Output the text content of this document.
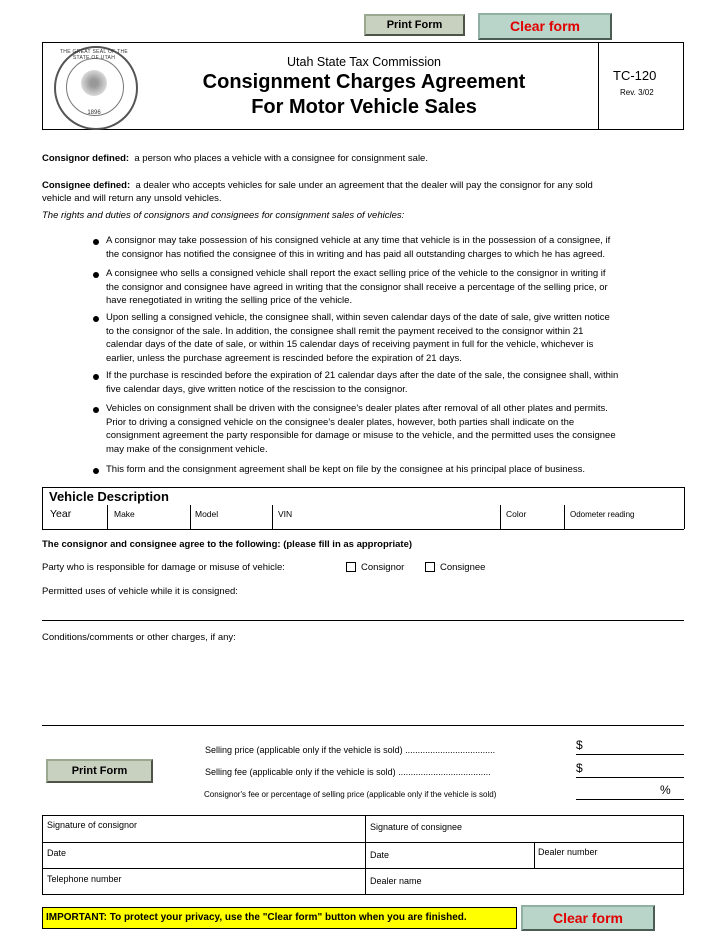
Print Form	Clear form
THE GREAT SEAL OF THE STATE OF UTAH
1896
Utah State Tax Commission
Consignment Charges Agreement
For Motor Vehicle Sales
TC-120
Rev. 3/02
Consignor defined: a person who places a vehicle with a consignee for consignment sale.
Consignee defined: a dealer who accepts vehicles for sale under an agreement that the dealer will pay the consignor for any sold
vehicle and will return any unsold vehicles.
The rights and duties of consignors and consignees for consignment sales of vehicles:
A consignor may take possession of his consigned vehicle at any time that vehicle is in the possession of a consignee, if
the consignor has notified the consignee of this in writing and has paid all outstanding charges to which he has agreed.
A consignee who sells a consigned vehicle shall report the exact selling price of the vehicle to the consignor in writing if
the consignor and consignee have agreed in writing that the consignor shall receive a percentage of the selling price, or
have renegotiated in writing the selling price of the vehicle.
Upon selling a consigned vehicle, the consignee shall, within seven calendar days of the date of sale, give written notice
to the consignor of the sale. In addition, the consignee shall remit the payment received to the consignor within 21
calendar days of the date of sale, or within 15 calendar days of receiving payment in full for the vehicle, whichever is
earlier, unless the purchase agreement is rescinded before the expiration of 21 days.
If the purchase is rescinded before the expiration of 21 calendar days after the date of the sale, the consignee shall, within
five calendar days, give written notice of the rescission to the consignor.
Vehicles on consignment shall be driven with the consignee's dealer plates after removal of all other plates and permits.
Prior to driving a consigned vehicle on the consignee's dealer plates, however, both parties shall indicate on the
consignment agreement the party responsible for damage or misuse to the vehicle, and the permitted uses the consignee
may make of the consignment vehicle.
This form and the consignment agreement shall be kept on file by the consignee at his principal place of business.
Vehicle Description
Year	Make	Model	VIN	Color	Odometer reading
The consignor and consignee agree to the following: (please fill in as appropriate)
Party who is responsible for damage or misuse of vehicle:	Consignor	Consignee
Permitted uses of vehicle while it is consigned:
Conditions/comments or other charges, if any:
Print Form
Selling price (applicable only if the vehicle is sold) ....................................	$
Selling fee (applicable only if the vehicle is sold) .....................................	$
Consignor's fee or percentage of selling price (applicable only if the vehicle is sold)	%
Signature of consignor	Signature of consignee
Date	Date	Dealer number
Telephone number	Dealer name
IMPORTANT: To protect your privacy, use the "Clear form" button when you are finished.	Clear form
